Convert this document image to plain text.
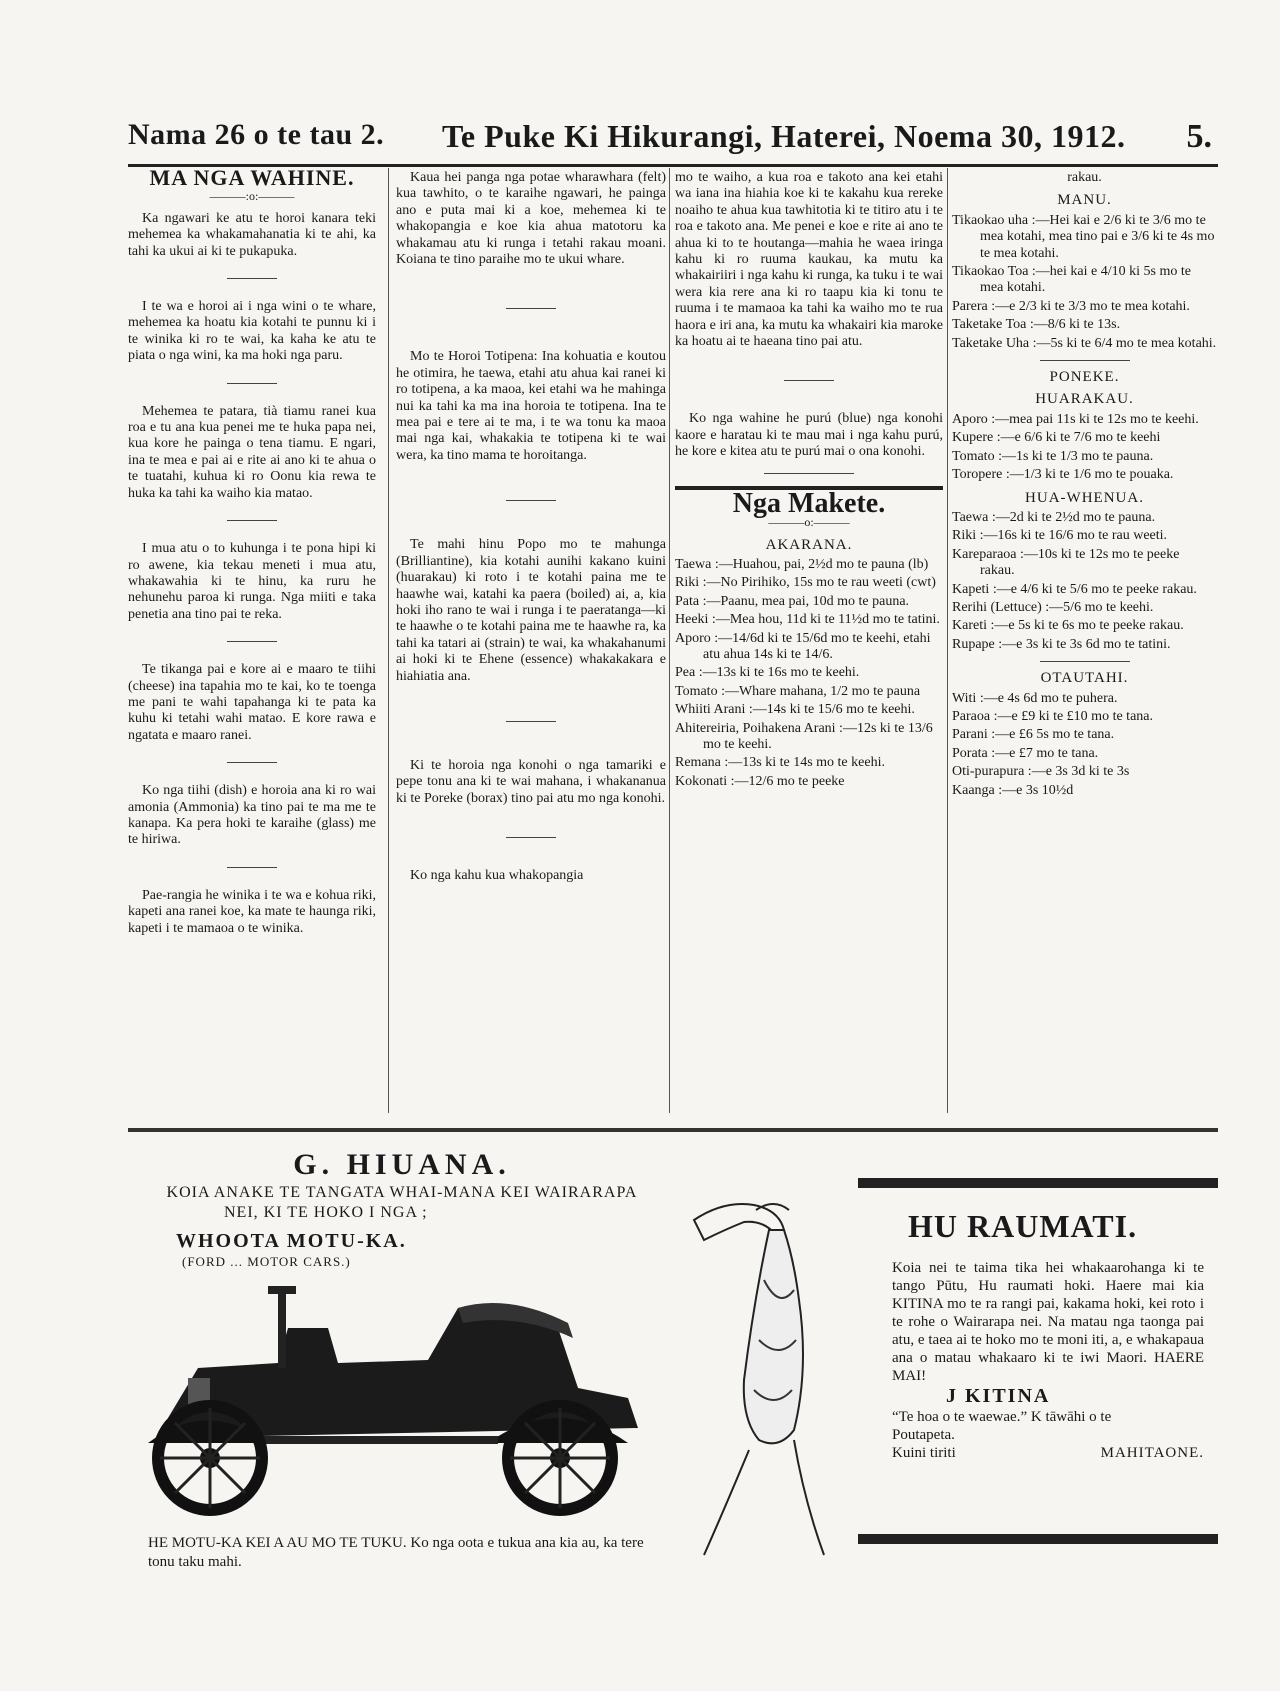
Nama 26 o te tau 2. Te Puke Ki Hikurangi, Haterei, Noema 30, 1912. 5.
MA NGA WAHINE.
———:o:———

Ka ngawari ke atu te horoi kanara teki mehemea ka whakamahanatia ki te ahi, ka tahi ka ukui ai ki te pukapuka.

I te wa e horoi ai i nga wini o te whare, mehemea ka hoatu kia kotahi te punnu ki i te winika ki ro te wai, ka kaha ke atu te piata o nga wini, ka ma hoki nga paru.

Mehemea te patara, tià tiamu ranei kua roa e tu ana kua penei me te huka papa nei, kua kore he painga o tena tiamu. E ngari, ina te mea e pai ai e rite ai ano ki te ahua o te tuatahi, kuhua ki ro Oonu kia rewa te huka ka tahi ka waiho kia matao.

I mua atu o to kuhunga i te pona hipi ki ro awene, kia tekau meneti i mua atu, whakawahia ki te hinu, ka ruru he nehunehu paroa ki runga. Nga miiti e taka penetia ana tino pai te reka.

Te tikanga pai e kore ai e maaro te tiihi (cheese) ina tapahia mo te kai, ko te toenga me pani te wahi tapahanga ki te pata ka kuhu ki tetahi wahi matao. E kore rawa e ngatata e maaro ranei.

Ko nga tiihi (dish) e horoia ana ki ro wai amonia (Ammonia) ka tino pai te ma me te kanapa. Ka pera hoki te karaihe (glass) me te hiriwa.

Pae-rangia he winika i te wa e kohua riki, kapeti ana ranei koe, ka mate te haunga riki, kapeti i te mamaoa o te winika.

Kaua hei panga nga potae wharawhara (felt) kua tawhito, o te karaihe ngawari, he painga ano e puta mai ki a koe, mehemea ki te whakopangia e koe kia ahua matotoru ka whakamau atu ki runga i tetahi rakau moani. Koiana te tino paraihe mo te ukui whare.

Mo te Horoi Totipena: Ina kohuatia e koutou he otimira, he taewa, etahi atu ahua kai ranei ki ro totipena, a ka maoa, kei etahi wa he mahinga nui ka tahi ka ma ina horoia te totipena. Ina te mea pai e tere ai te ma, i te wa tonu ka maoa mai nga kai, whakakia te totipena ki te wai wera, ka tino mama te horoitanga.

Te mahi hinu Popo mo te mahunga (Brilliantine), kia kotahi aunihi kakano kuini (huarakau) ki roto i te kotahi paina me te haawhe wai, katahi ka paera (boiled) ai, a, kia hoki iho rano te wai i runga i te paeratanga—ki te haawhe o te kotahi paina me te haawhe ra, ka tahi ka tatari ai (strain) te wai, ka whakahanumi ai hoki ki te Ehene (essence) whakakakara e hiahiatia ana.

Ki te horoia nga konohi o nga tamariki e pepe tonu ana ki te wai mahana, i whakananua ki te Poreke (borax) tino pai atu mo nga konohi.

Ko nga kahu kua whakopangia

mo te waiho, a kua roa e takoto ana kei etahi wa iana ina hiahia koe ki te kakahu kua rereke noaiho te ahua kua tawhitotia ki te titiro atu i te roa e takoto ana. Me penei e koe e rite ai ano te ahua ki to te houtanga—mahia he waea iringa kahu ki ro ruuma kaukau, ka mutu ka whakairiiri i nga kahu ki runga, ka tuku i te wai wera kia rere ana ki ro taapu kia ki tonu te ruuma i te mamaoa ka tahi ka waiho mo te rua haora e iri ana, ka mutu ka whakairi kia maroke ka hoatu ai te haeana tino pai atu.

Ko nga wahine he purú (blue) nga konohi kaore e haratau ki te mau mai i nga kahu purú, he kore e kitea atu te purú mai o ona konohi.

Nga Makete.
———o:———
AKARANA.
Taewa :—Huahou, pai, 2½d mo te pauna (lb)
Riki :—No Pirihiko, 15s mo te rau weeti (cwt)
Pata :—Paanu, mea pai, 10d mo te pauna.
Heeki :—Mea hou, 11d ki te 11½d mo te tatini.
Aporo :—14/6d ki te 15/6d mo te keehi, etahi atu ahua 14s ki te 14/6.
Pea :—13s ki te 16s mo te keehi.
Tomato :—Whare mahana, 1/2 mo te pauna
Whiiti Arani :—14s ki te 15/6 mo te keehi.
Ahitereiria, Poihakena Arani :—12s ki te 13/6 mo te keehi.
Remana :—13s ki te 14s mo te keehi.
Kokonati :—12/6 mo te peeke
rakau.
MANU.
Tikaokao uha :—Hei kai e 2/6 ki te 3/6 mo te mea kotahi, mea tino pai e 3/6 ki te 4s mo te mea kotahi.
Tikaokao Toa :—hei kai e 4/10 ki 5s mo te mea kotahi.
Parera :—e 2/3 ki te 3/3 mo te mea kotahi.
Taketake Toa :—8/6 ki te 13s.
Taketake Uha :—5s ki te 6/4 mo te mea kotahi.
PONEKE.
HUARAKAU.
Aporo :—mea pai 11s ki te 12s mo te keehi.
Kupere :—e 6/6 ki te 7/6 mo te keehi
Tomato :—1s ki te 1/3 mo te pauna.
Toropere :—1/3 ki te 1/6 mo te pouaka.
HUA-WHENUA.
Taewa :—2d ki te 2½d mo te pauna.
Riki :—16s ki te 16/6 mo te rau weeti.
Kareparaoa :—10s ki te 12s mo te peeke rakau.
Kapeti :—e 4/6 ki te 5/6 mo te peeke rakau.
Rerihi (Lettuce) :—5/6 mo te keehi.
Kareti :—e 5s ki te 6s mo te peeke rakau.
Rupape :—e 3s ki te 3s 6d mo te tatini.
OTAUTAHI.
Witi :—e 4s 6d mo te puhera.
Paraoa :—e £9 ki te £10 mo te tana.
Parani :—e £6 5s mo te tana.
Porata :—e £7 mo te tana.
Oti-purapura :—e 3s 3d ki te 3s
Kaanga :—e 3s 10½d
G. HIUANA.
KOIA ANAKE TE TANGATA WHAI-MANA KEI WAIRARAPA
NEI, KI TE HOKO I NGA ;
WHOOTA MOTU-KA.
(FORD ... MOTOR CARS.)
HE MOTU-KA KEI A AU MO TE TUKU. Ko nga oota e tukua ana kia au, ka tere tonu taku mahi.
HU RAUMATI.
Koia nei te taima tika hei whakaarohanga ki te tango Pūtu, Hu raumati hoki. Haere mai kia KITINA mo te ra rangi pai, kakama hoki, kei roto i te rohe o Wairarapa nei. Na matau nga taonga pai atu, e taea ai te hoko mo te moni iti, a, e whakapaua ana o matau whakaaro ki te iwi Maori. HAERE MAI!
J KITINA
“Te hoa o te waewae.” K tāwāhi o te
Poutapeta.
Kuini tiriti	MAHITAONE.
